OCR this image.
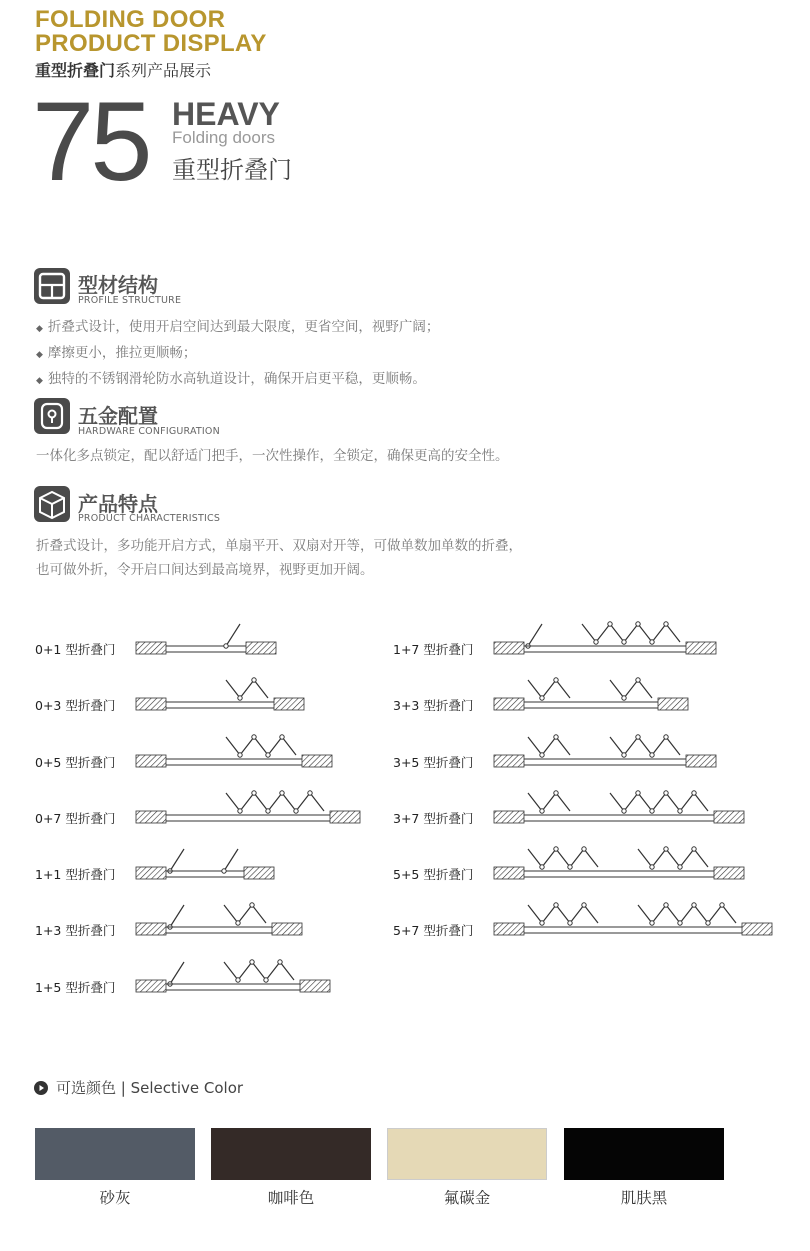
FOLDING DOOR
PRODUCT DISPLAY
重型折叠门系列产品展示
75 HEAVY
Folding doors
重型折叠门
型材结构
PROFILE STRUCTURE
◆ 折叠式设计，使用开启空间达到最大限度，更省空间，视野广阔；
◆ 摩擦更小，推拉更顺畅；
◆ 独特的不锈钢滑轮防水高轨道设计，确保开启更平稳，更顺畅。
五金配置
HARDWARE CONFIGURATION
一体化多点锁定，配以舒适门把手，一次性操作，全锁定，确保更高的安全性。
产品特点
PRODUCT CHARACTERISTICS
折叠式设计，多功能开启方式，单扇平开、双扇对开等，可做单数加单数的折叠，
也可做外折，令开启口间达到最高境界，视野更加开阔。
0+1 型折叠门
0+3 型折叠门
0+5 型折叠门
0+7 型折叠门
1+1 型折叠门
1+3 型折叠门
1+5 型折叠门
1+7 型折叠门
3+3 型折叠门
3+5 型折叠门
3+7 型折叠门
5+5 型折叠门
5+7 型折叠门
可选颜色 | Selective Color
砂灰	咖啡色	氟碳金	肌肤黑
